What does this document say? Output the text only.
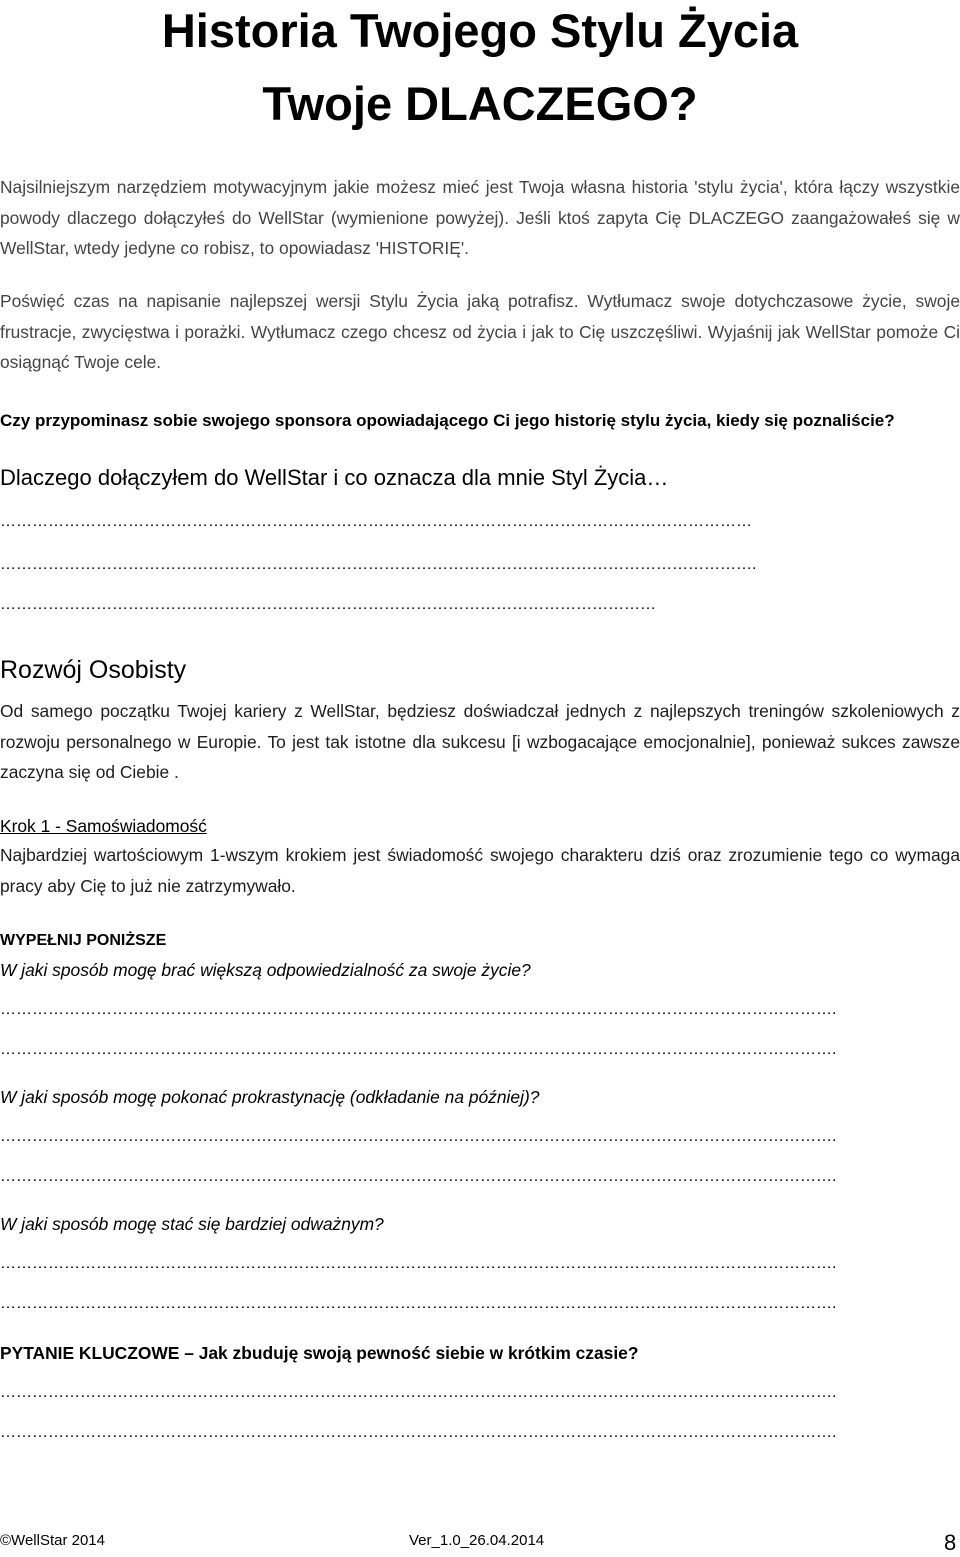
Historia Twojego Stylu Życia
Twoje DLACZEGO?
Najsilniejszym narzędziem motywacyjnym jakie możesz mieć jest Twoja własna historia 'stylu życia', która łączy wszystkie powody dlaczego dołączyłeś do WellStar (wymienione powyżej). Jeśli ktoś zapyta Cię DLACZEGO zaangażowałeś się w WellStar, wtedy jedyne co robisz, to opowiadasz 'HISTORIĘ'.
Poświęć czas na napisanie najlepszej wersji Stylu Życia jaką potrafisz. Wytłumacz swoje dotychczasowe życie, swoje frustracje, zwycięstwa i porażki. Wytłumacz czego chcesz od życia i jak to Cię uszczęśliwi. Wyjaśnij jak WellStar pomoże Ci osiągnąć Twoje cele.
Czy przypominasz sobie swojego sponsora opowiadającego Ci jego historię stylu życia, kiedy się poznaliście?
Dlaczego dołączyłem do WellStar i co oznacza dla mnie Styl Życia…
……………………………………………………………………………………………………………………………
…………………………………………………………………………………………………………………………….
……………………………………………………………………………………………………………
Rozwój Osobisty
Od samego początku Twojej kariery z WellStar, będziesz doświadczał jednych z najlepszych treningów szkoleniowych z rozwoju personalnego w Europie. To jest tak istotne dla sukcesu [i wzbogacające emocjonalnie], ponieważ sukces zawsze zaczyna się od Ciebie .
Krok 1 - Samoświadomość
Najbardziej wartościowym 1-wszym krokiem jest świadomość swojego charakteru dziś oraz zrozumienie tego co wymaga pracy aby Cię to już nie zatrzymywało.
WYPEŁNIJ PONIŻSZE
W jaki sposób mogę brać większą odpowiedzialność za swoje życie?
………………………………………………………………………………………………………………………………………….
………………………………………………………………………………………………………………………………………….
W jaki sposób mogę pokonać prokrastynację (odkładanie na później)?
………………………………………………………………………………………………………………………………………….
………………………………………………………………………………………………………………………………………….
W jaki sposób mogę stać się bardziej odważnym?
………………………………………………………………………………………………………………………………………….
………………………………………………………………………………………………………………………………………….
PYTANIE KLUCZOWE – Jak zbuduję swoją pewność siebie w krótkim czasie?
………………………………………………………………………………………………………………………………………….
………………………………………………………………………………………………………………………………………….
©WellStar 2014	Ver_1.0_26.04.2014	8
